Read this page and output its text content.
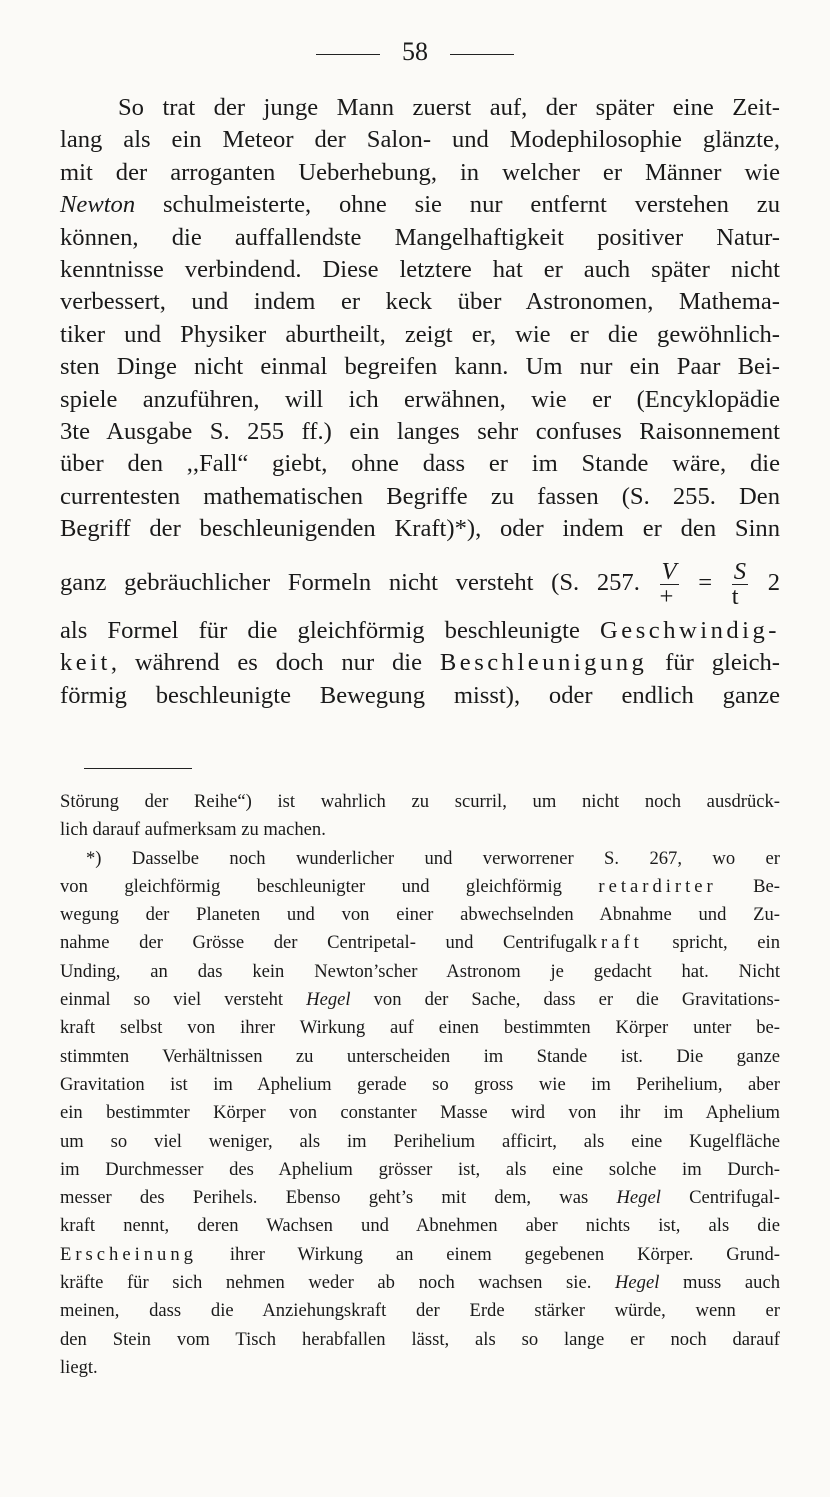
58

So trat der junge Mann zuerst auf, der später eine Zeit-

lang als ein Meteor der Salon- und Modephilosophie glänzte,

mit der arroganten Ueberhebung, in welcher er Männer wie

Newton schulmeisterte, ohne sie nur entfernt verstehen zu

können, die auffallendste Mangelhaftigkeit positiver Natur-

kenntnisse verbindend. Diese letztere hat er auch später nicht

verbessert, und indem er keck über Astronomen, Mathema-

tiker und Physiker aburtheilt, zeigt er, wie er die gewöhnlich-

sten Dinge nicht einmal begreifen kann. Um nur ein Paar Bei-

spiele anzuführen, will ich erwähnen, wie er (Encyklopädie

3te Ausgabe S. 255 ff.) ein langes sehr confuses Raisonnement

über den ,,Fall“ giebt, ohne dass er im Stande wäre, die

currentesten mathematischen Begriffe zu fassen (S. 255. Den

Begriff der beschleunigenden Kraft)*), oder indem er den Sinn

ganz gebräuchlicher Formeln nicht versteht (S. 257. $\frac{V}{+} = \frac{S}{t} 2$

als Formel für die gleichförmig beschleunigte Geschwindig-

keit, während es doch nur die Beschleunigung für gleich-

förmig beschleunigte Bewegung misst), oder endlich ganze

Störung der Reihe“) ist wahrlich zu scurril, um nicht noch ausdrück-

lich darauf aufmerksam zu machen.

*) Dasselbe noch wunderlicher und verworrener S. 267, wo er

von gleichförmig beschleunigter und gleichförmig retardirter Be-

wegung der Planeten und von einer abwechselnden Abnahme und Zu-

nahme der Grösse der Centripetal- und Centrifugalkraft spricht, ein

Unding, an das kein Newton’scher Astronom je gedacht hat. Nicht

einmal so viel versteht Hegel von der Sache, dass er die Gravitations-

kraft selbst von ihrer Wirkung auf einen bestimmten Körper unter be-

stimmten Verhältnissen zu unterscheiden im Stande ist. Die ganze

Gravitation ist im Aphelium gerade so gross wie im Perihelium, aber

ein bestimmter Körper von constanter Masse wird von ihr im Aphelium

um so viel weniger, als im Perihelium afficirt, als eine Kugelfläche

im Durchmesser des Aphelium grösser ist, als eine solche im Durch-

messer des Perihels. Ebenso geht’s mit dem, was Hegel Centrifugal-

kraft nennt, deren Wachsen und Abnehmen aber nichts ist, als die

Erscheinung ihrer Wirkung an einem gegebenen Körper. Grund-

kräfte für sich nehmen weder ab noch wachsen sie. Hegel muss auch

meinen, dass die Anziehungskraft der Erde stärker würde, wenn er

den Stein vom Tisch herabfallen lässt, als so lange er noch darauf

liegt.
